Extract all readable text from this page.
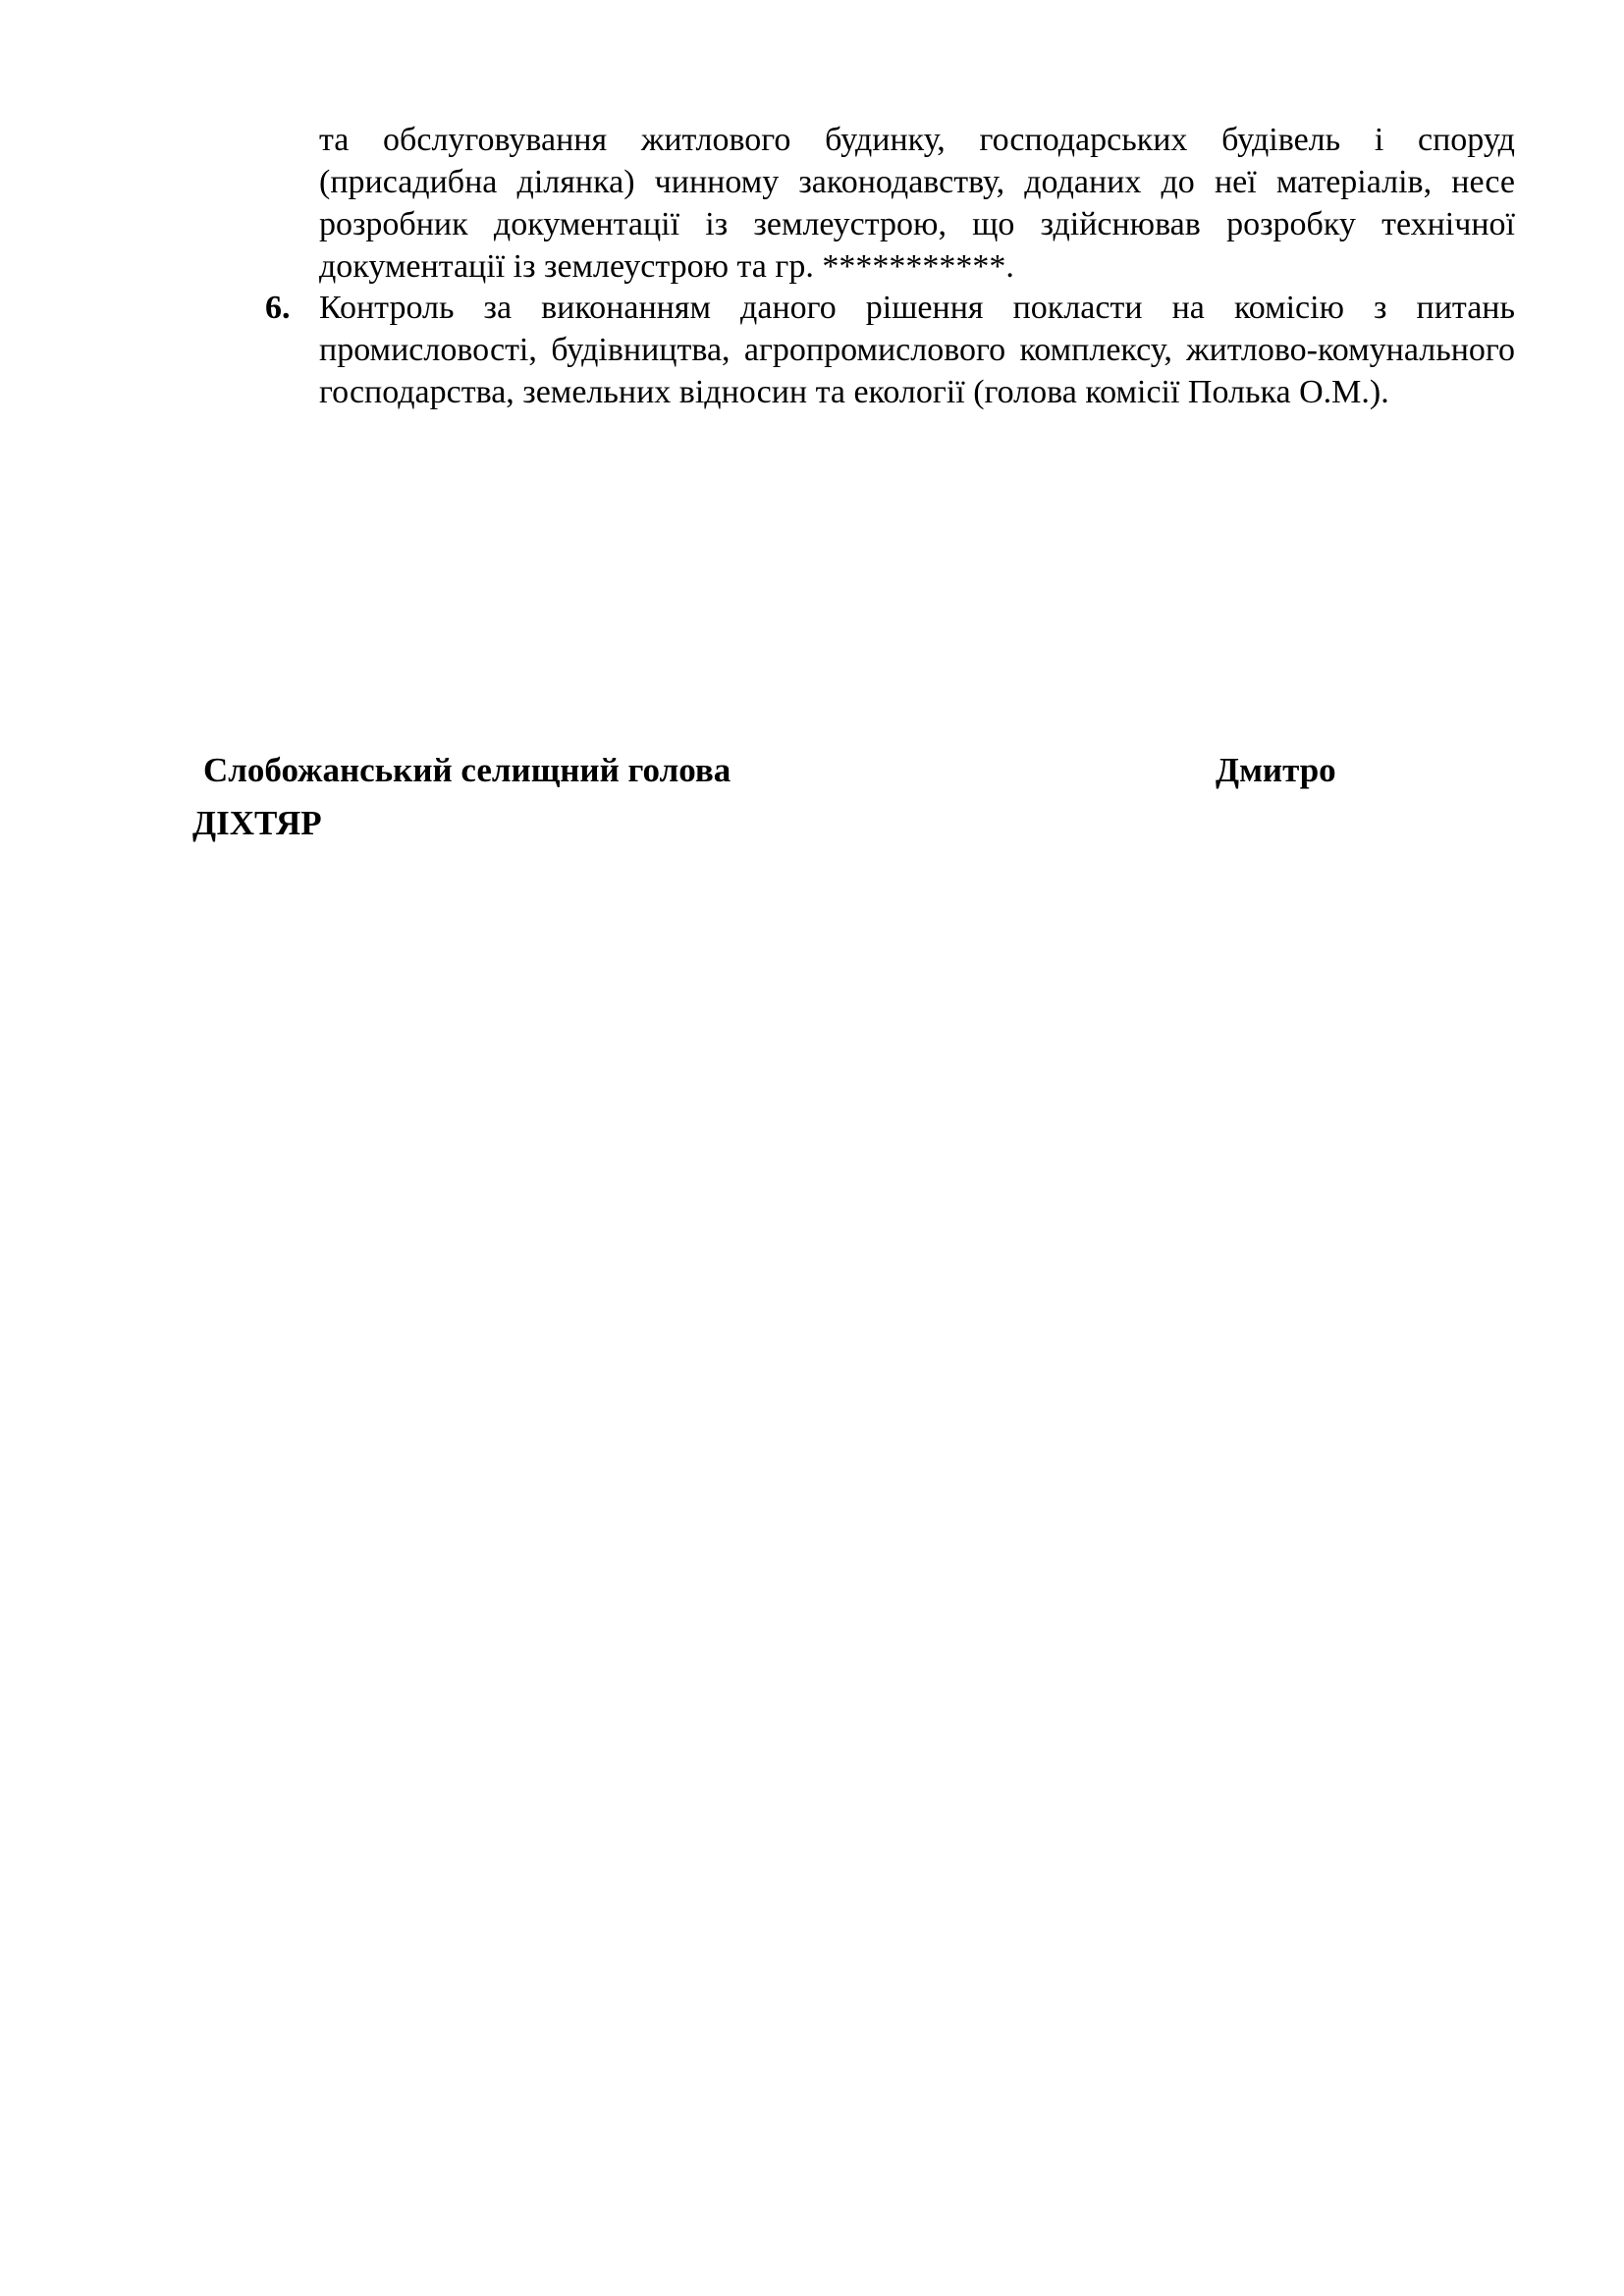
та обслуговування житлового будинку, господарських будівель і споруд (присадибна ділянка) чинному законодавству, доданих до неї матеріалів, несе розробник документації із землеустрою, що здійснював розробку технічної документації із землеустрою та гр. ***********.

6. Контроль за виконанням даного рішення покласти на комісію з питань промисловості, будівництва, агропромислового комплексу, житлово-комунального господарства, земельних відносин та екології (голова комісії Полька О.М.).

Слобожанський селищний голова	Дмитро
ДІХТЯР
